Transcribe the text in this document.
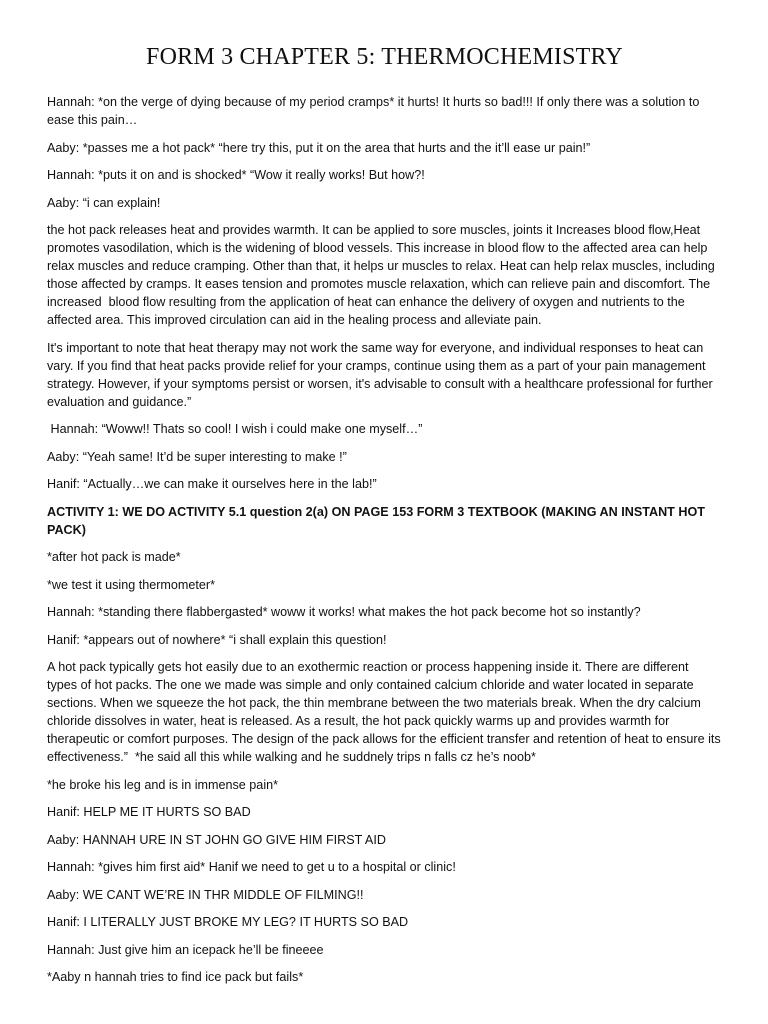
FORM 3 CHAPTER 5: THERMOCHEMISTRY

Hannah: *on the verge of dying because of my period cramps* it hurts! It hurts so bad!!! If only there was a solution to ease this pain…

Aaby: *passes me a hot pack* “here try this, put it on the area that hurts and the it’ll ease ur pain!”

Hannah: *puts it on and is shocked* “Wow it really works! But how?!

Aaby: “i can explain!

the hot pack releases heat and provides warmth. It can be applied to sore muscles, joints it Increases blood flow,Heat promotes vasodilation, which is the widening of blood vessels. This increase in blood flow to the affected area can help relax muscles and reduce cramping. Other than that, it helps ur muscles to relax. Heat can help relax muscles, including those affected by cramps. It eases tension and promotes muscle relaxation, which can relieve pain and discomfort. The increased  blood flow resulting from the application of heat can enhance the delivery of oxygen and nutrients to the affected area. This improved circulation can aid in the healing process and alleviate pain.

It's important to note that heat therapy may not work the same way for everyone, and individual responses to heat can vary. If you find that heat packs provide relief for your cramps, continue using them as a part of your pain management strategy. However, if your symptoms persist or worsen, it's advisable to consult with a healthcare professional for further evaluation and guidance.”

Hannah: “Woww!! Thats so cool! I wish i could make one myself…”

Aaby: “Yeah same! It’d be super interesting to make !”

Hanif: “Actually…we can make it ourselves here in the lab!”

ACTIVITY 1: WE DO ACTIVITY 5.1 question 2(a) ON PAGE 153 FORM 3 TEXTBOOK (MAKING AN INSTANT HOT PACK)

*after hot pack is made*

*we test it using thermometer*

Hannah: *standing there flabbergasted* woww it works! what makes the hot pack become hot so instantly?

Hanif: *appears out of nowhere* “i shall explain this question!

A hot pack typically gets hot easily due to an exothermic reaction or process happening inside it. There are different types of hot packs. The one we made was simple and only contained calcium chloride and water located in separate sections. When we squeeze the hot pack, the thin membrane between the two materials break. When the dry calcium chloride dissolves in water, heat is released. As a result, the hot pack quickly warms up and provides warmth for therapeutic or comfort purposes. The design of the pack allows for the efficient transfer and retention of heat to ensure its effectiveness.”  *he said all this while walking and he suddnely trips n falls cz he’s noob*

*he broke his leg and is in immense pain*

Hanif: HELP ME IT HURTS SO BAD

Aaby: HANNAH URE IN ST JOHN GO GIVE HIM FIRST AID

Hannah: *gives him first aid* Hanif we need to get u to a hospital or clinic!

Aaby: WE CANT WE’RE IN THR MIDDLE OF FILMING!!

Hanif: I LITERALLY JUST BROKE MY LEG? IT HURTS SO BAD

Hannah: Just give him an icepack he’ll be fineeee

*Aaby n hannah tries to find ice pack but fails*
